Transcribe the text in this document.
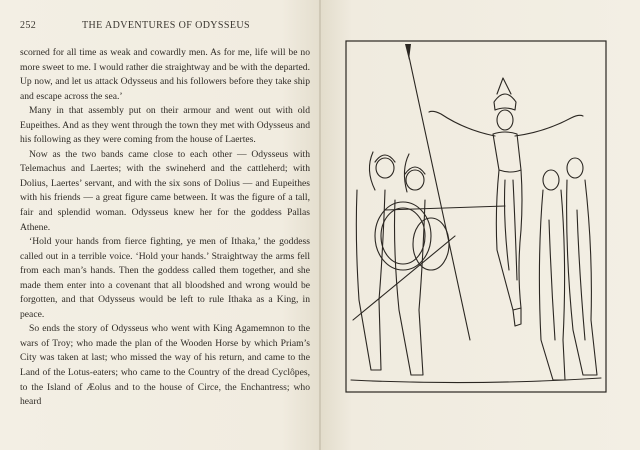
252	THE ADVENTURES OF ODYSSEUS

scorned for all time as weak and cowardly men. As for me, life will be no more sweet to me. I would rather die straightway and be with the departed. Up now, and let us attack Odysseus and his followers before they take ship and escape across the sea.’

Many in that assembly put on their armour and went out with old Eupeithes. And as they went through the town they met with Odysseus and his following as they were coming from the house of Laertes.

Now as the two bands came close to each other — Odysseus with Telemachus and Laertes; with the swineherd and the cattleherd; with Dolius, Laertes’ servant, and with the six sons of Dolius — and Eupeithes with his friends — a great figure came between. It was the figure of a tall, fair and splendid woman. Odysseus knew her for the goddess Pallas Athene.

‘Hold your hands from fierce fighting, ye men of Ithaka,’ the goddess called out in a terrible voice. ‘Hold your hands.’ Straightway the arms fell from each man’s hands. Then the goddess called them together, and she made them enter into a covenant that all bloodshed and wrong would be forgotten, and that Odysseus would be left to rule Ithaka as a King, in peace.

So ends the story of Odysseus who went with King Agamemnon to the wars of Troy; who made the plan of the Wooden Horse by which Priam’s City was taken at last; who missed the way of his return, and came to the Land of the Lotus-eaters; who came to the Country of the dread Cyclôpes, to the Island of Æolus and to the house of Circe, the Enchantress; who heard
